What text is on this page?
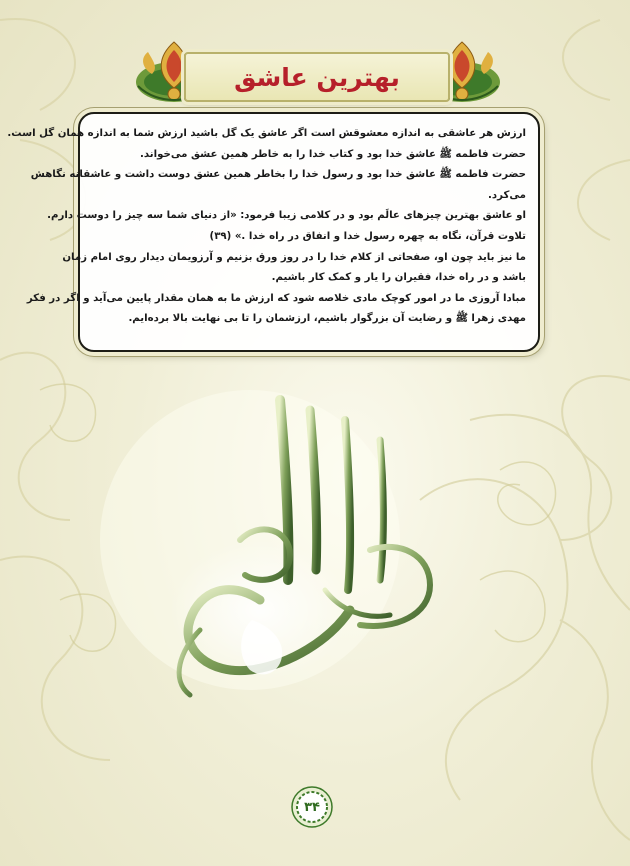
بهترین عاشق

ارزش هر عاشقی به اندازه معشوقش است اگر عاشق یک گل باشید ارزش شما به اندازه همان گل است.

حضرت فاطمه ﷺ عاشق خدا بود و کتاب خدا را به خاطر همین عشق می‌خواند.

حضرت فاطمه ﷺ عاشق خدا بود و رسول خدا را بخاطر همین عشق دوست داشت و عاشقانه نگاهش

می‌کرد.

او عاشق بهترین چیزهای عالَم بود و در کلامی زیبا فرمود: «از دنیای شما سه چیز را دوست دارم.

تلاوت قرآن، نگاه به چهره رسول خدا و انفاق در راه خدا .» (۳۹)

ما نیز باید چون او، صفحاتی از کلام خدا را در روز ورق بزنیم و آرزویمان دیدار روی امام زمان

باشد و در راه خدا، فقیران را یار و کمک کار باشیم.

مبادا آروزی ما در امور کوچک مادی خلاصه شود که ارزش ما به همان مقدار پایین می‌آید و اگر در فکر

مهدی زهرا ﷺ و رضایت آن بزرگوار باشیم، ارزشمان را تا بی نهایت بالا برده‌ایم.

۳۴
